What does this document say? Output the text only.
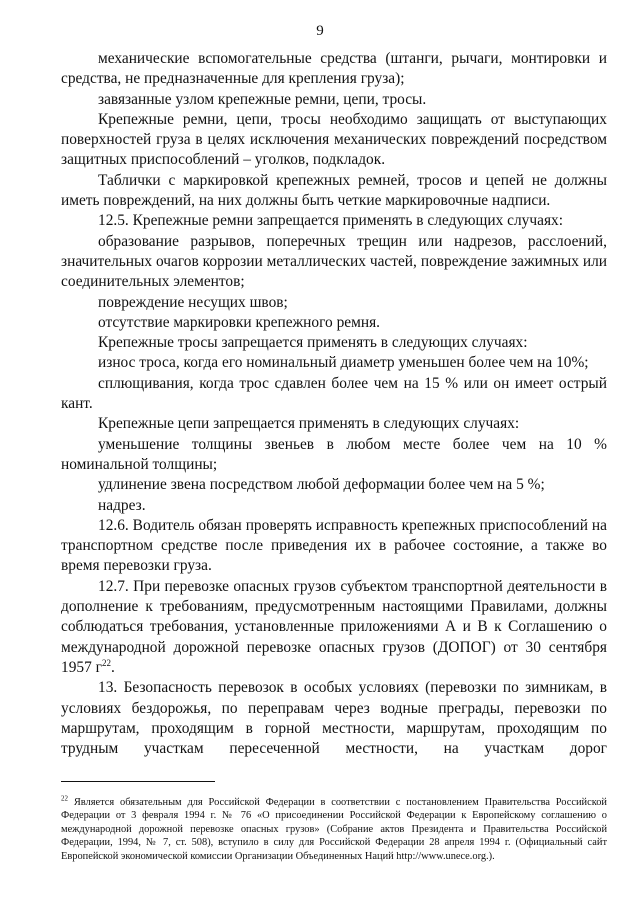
9

механические вспомогательные средства (штанги, рычаги, монтировки и средства, не предназначенные для крепления груза);

завязанные узлом крепежные ремни, цепи, тросы.

Крепежные ремни, цепи, тросы необходимо защищать от выступающих поверхностей груза в целях исключения механических повреждений посредством защитных приспособлений – уголков, подкладок.

Таблички с маркировкой крепежных ремней, тросов и цепей не должны иметь повреждений, на них должны быть четкие маркировочные надписи.

12.5. Крепежные ремни запрещается применять в следующих случаях:

образование разрывов, поперечных трещин или надрезов, расслоений, значительных очагов коррозии металлических частей, повреждение зажимных или соединительных элементов;

повреждение несущих швов;

отсутствие маркировки крепежного ремня.

Крепежные тросы запрещается применять в следующих случаях:

износ троса, когда его номинальный диаметр уменьшен более чем на 10%;

сплющивания, когда трос сдавлен более чем на 15 % или он имеет острый кант.

Крепежные цепи запрещается применять в следующих случаях:

уменьшение толщины звеньев в любом месте более чем на 10 % номинальной толщины;

удлинение звена посредством любой деформации более чем на 5 %;

надрез.

12.6. Водитель обязан проверять исправность крепежных приспособлений на транспортном средстве после приведения их в рабочее состояние, а также во время перевозки груза.

12.7. При перевозке опасных грузов субъектом транспортной деятельности в дополнение к требованиям, предусмотренным настоящими Правилами, должны соблюдаться требования, установленные приложениями А и В к Соглашению о международной дорожной перевозке опасных грузов (ДОПОГ) от 30 сентября 1957 $г^{22}$.

13. Безопасность перевозок в особых условиях (перевозки по зимникам, в условиях бездорожья, по переправам через водные преграды, перевозки по маршрутам, проходящим в горной местности, маршрутам, проходящим по трудным участкам пересеченной местности, на участкам дорог

$^{22}$ Является обязательным для Российской Федерации в соответствии с постановлением Правительства Российской Федерации от 3 февраля 1994 г. № 76 «О присоединении Российской Федерации к Европейскому соглашению о международной дорожной перевозке опасных грузов» (Собрание актов Президента и Правительства Российской Федерации, 1994, № 7, ст. 508), вступило в силу для Российской Федерации 28 апреля 1994 г. (Официальный сайт Европейской экономической комиссии Организации Объединенных Наций http://www.unece.org.).
